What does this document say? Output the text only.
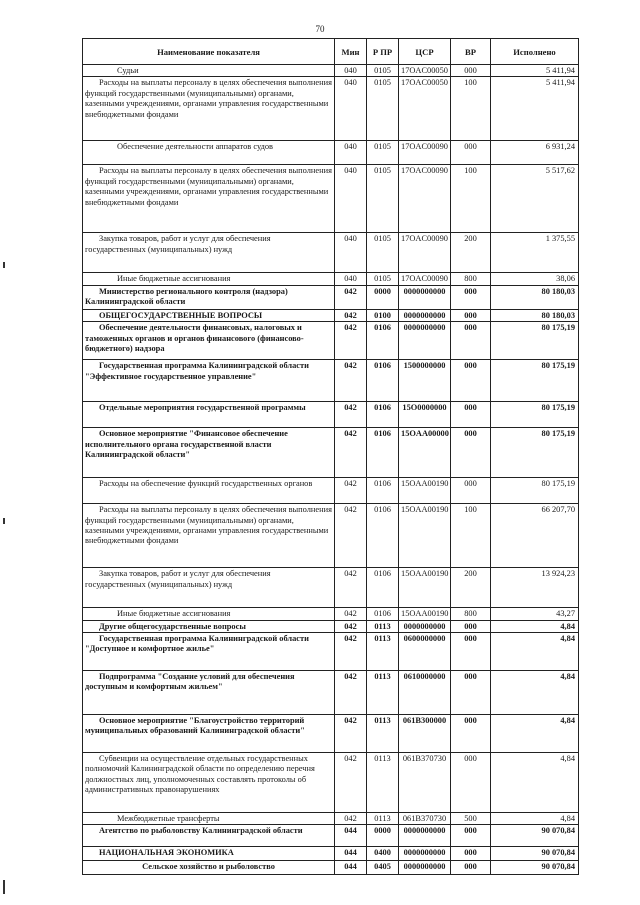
70
Наименование показателя	Мин	Р ПР	ЦСР	ВР	Исполнено
Судьи	040	0105	17OAC00050	000	5 411,94
Расходы на выплаты персоналу в целях обеспечения выполнения функций государственными (муниципальными) органами, казенными учреждениями, органами управления государственными внебюджетными фондами	040	0105	17OAC00050	100	5 411,94
Обеспечение деятельности аппаратов судов	040	0105	17OAC00090	000	6 931,24
Расходы на выплаты персоналу в целях обеспечения выполнения функций государственными (муниципальными) органами, казенными учреждениями, органами управления государственными внебюджетными фондами	040	0105	17OAC00090	100	5 517,62
Закупка товаров, работ и услуг для обеспечения государственных (муниципальных) нужд	040	0105	17OAC00090	200	1 375,55
Иные бюджетные ассигнования	040	0105	17OAC00090	800	38,06
Министерство регионального контроля (надзора) Калининградской области	042	0000	0000000000	000	80 180,03
ОБЩЕГОСУДАРСТВЕННЫЕ ВОПРОСЫ	042	0100	0000000000	000	80 180,03
Обеспечение деятельности финансовых, налоговых и таможенных органов и органов финансового (финансово-бюджетного) надзора	042	0106	0000000000	000	80 175,19
Государственная программа Калининградской области "Эффективное государственное управление"	042	0106	1500000000	000	80 175,19
Отдельные мероприятия государственной программы	042	0106	15O0000000	000	80 175,19
Основное мероприятие "Финансовое обеспечение исполнительного органа государственной власти Калининградской области"	042	0106	15OAA00000	000	80 175,19
Расходы на обеспечение функций государственных органов	042	0106	15OAA00190	000	80 175,19
Расходы на выплаты персоналу в целях обеспечения выполнения функций государственными (муниципальными) органами, казенными учреждениями, органами управления государственными внебюджетными фондами	042	0106	15OAA00190	100	66 207,70
Закупка товаров, работ и услуг для обеспечения государственных (муниципальных) нужд	042	0106	15OAA00190	200	13 924,23
Иные бюджетные ассигнования	042	0106	15OAA00190	800	43,27
Другие общегосударственные вопросы	042	0113	0000000000	000	4,84
Государственная программа Калининградской области "Доступное и комфортное жилье"	042	0113	0600000000	000	4,84
Подпрограмма "Создание условий для обеспечения доступным и комфортным жильем"	042	0113	0610000000	000	4,84
Основное мероприятие "Благоустройство территорий муниципальных образований Калининградской области"	042	0113	061B300000	000	4,84
Субвенции на осуществление отдельных государственных полномочий Калининградской области по определению перечня должностных лиц, уполномоченных составлять протоколы об административных правонарушениях	042	0113	061B370730	000	4,84
Межбюджетные трансферты	042	0113	061B370730	500	4,84
Агентство по рыболовству Калининградской области	044	0000	0000000000	000	90 070,84
НАЦИОНАЛЬНАЯ ЭКОНОМИКА	044	0400	0000000000	000	90 070,84
Сельское хозяйство и рыболовство	044	0405	0000000000	000	90 070,84
